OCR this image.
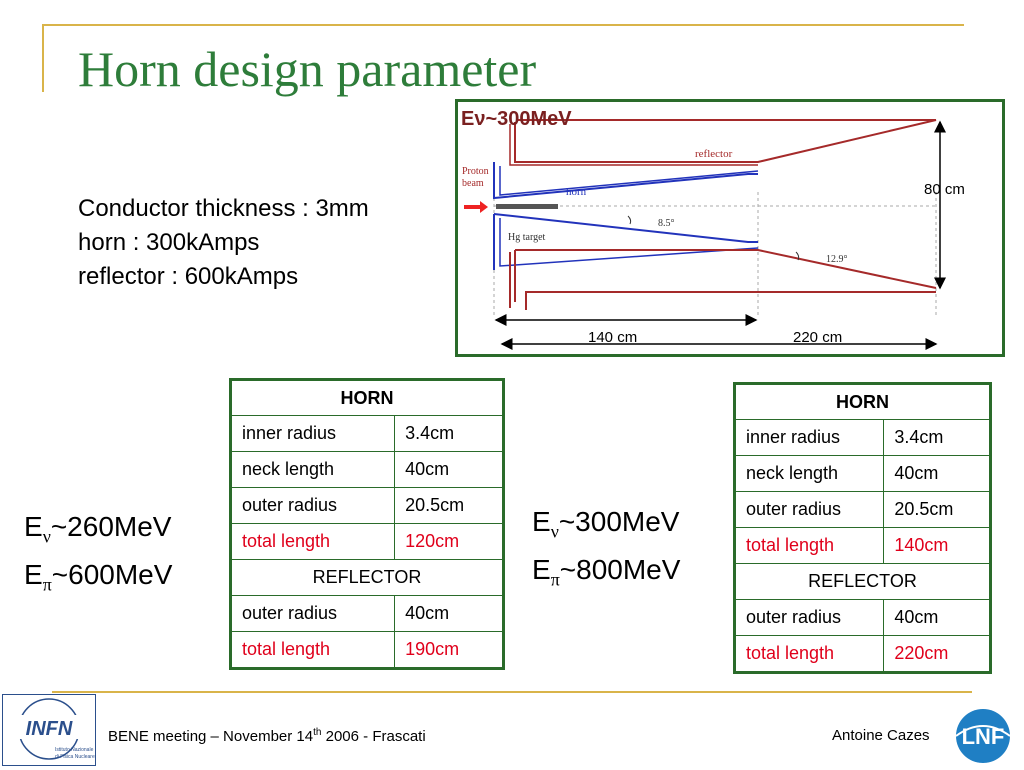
Horn design parameter
Conductor thickness : 3mm
horn : 300kAmps
reflector : 600kAmps
Eν~300MeV
reflector
Proton
beam
horn
Hg target
8.5°
12.9°
80 cm
140 cm	220 cm
$E_\nu\sim 260MeV$
$E_\pi\sim 600MeV$
HORN	
inner radius	3.4cm
neck length	40cm
outer radius	20.5cm
total length	120cm
REFLECTOR	
outer radius	40cm
total length	190cm
$E_\nu\sim 300MeV$
$E_\pi\sim 800MeV$
HORN	
inner radius	3.4cm
neck length	40cm
outer radius	20.5cm
total length	140cm
REFLECTOR	
outer radius	40cm
total length	220cm
INFN
Istituto Nazionale
di Fisica Nucleare
BENE meeting – November 14th 2006 - Frascati	Antoine Cazes LNF
